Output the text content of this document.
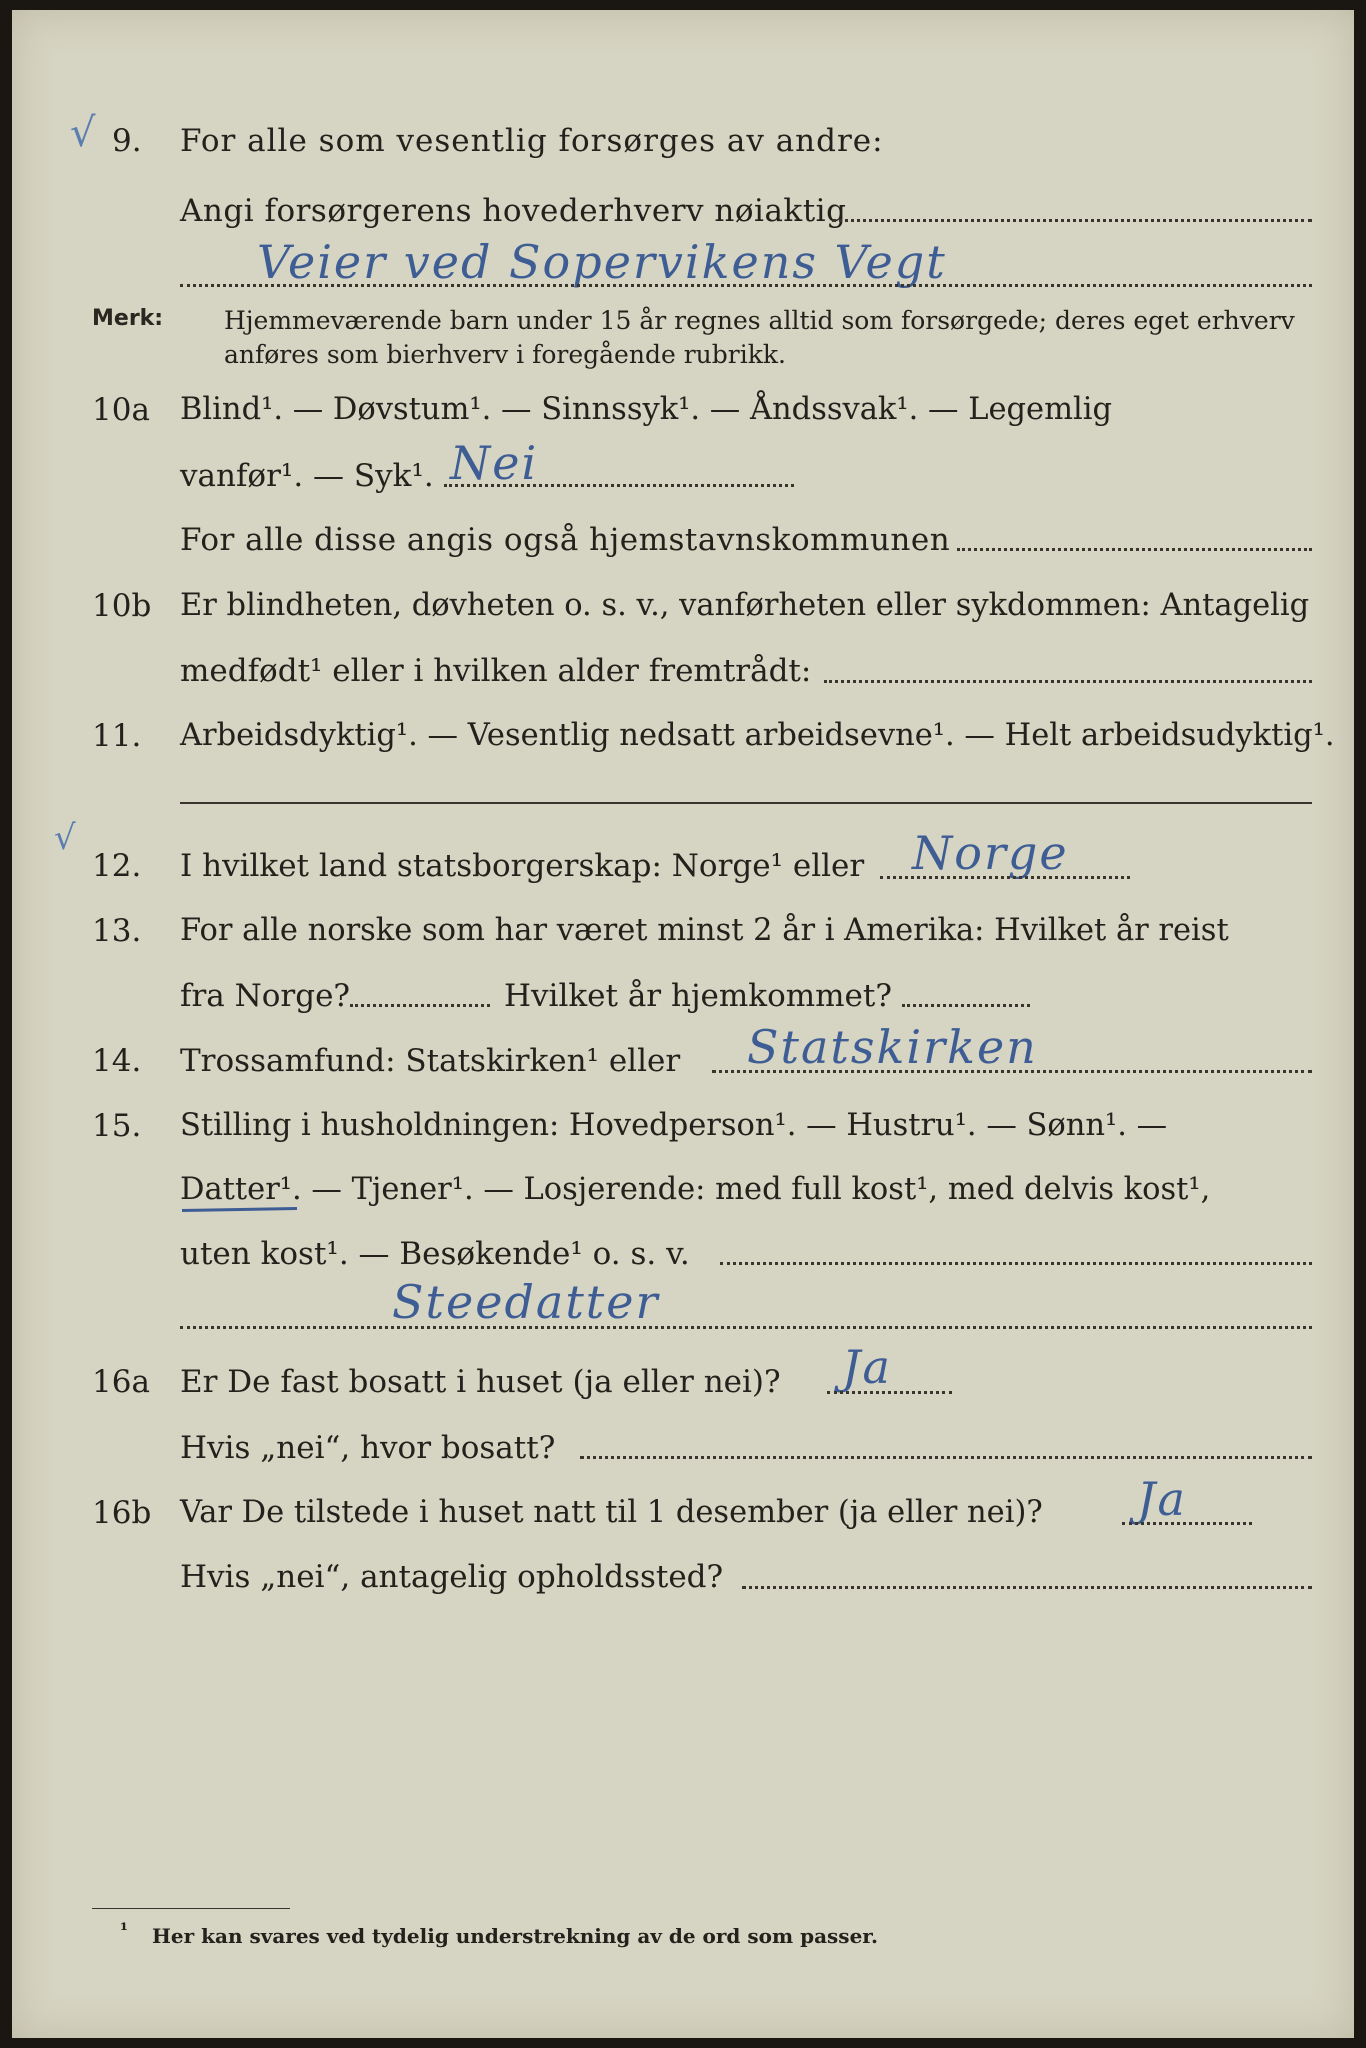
√ 9. For alle som vesentlig forsørges av andre:
Angi forsørgerens hovederhverv nøiaktig
Veier ved Sopervikens Vegt
Merk: Hjemmeværende barn under 15 år regnes alltid som forsørgede; deres eget erhverv
anføres som bierhverv i foregående rubrikk.
10a Blind¹. — Døvstum¹. — Sinnssyk¹. — Åndssvak¹. — Legemlig
vanfør¹. — Syk¹. Nei
For alle disse angis også hjemstavnskommunen
10b Er blindheten, døvheten o. s. v., vanførheten eller sykdommen: Antagelig
medfødt¹ eller i hvilken alder fremtrådt:
11. Arbeidsdyktig¹. — Vesentlig nedsatt arbeidsevne¹. — Helt arbeidsudyktig¹.
√
12. I hvilket land statsborgerskap: Norge¹ eller Norge
13. For alle norske som har været minst 2 år i Amerika: Hvilket år reist
fra Norge?	Hvilket år hjemkommet?
14. Trossamfund: Statskirken¹ eller Statskirken
15. Stilling i husholdningen: Hovedperson¹. — Hustru¹. — Sønn¹. —
Datter¹. — Tjener¹. — Losjerende: med full kost¹, med delvis kost¹,
uten kost¹. — Besøkende¹ o. s. v.
Steedatter
16a Er De fast bosatt i huset (ja eller nei)? Ja
Hvis „nei“, hvor bosatt?
16b Var De tilstede i huset natt til 1 desember (ja eller nei)? Ja
Hvis „nei“, antagelig opholdssted?
¹ Her kan svares ved tydelig understrekning av de ord som passer.
